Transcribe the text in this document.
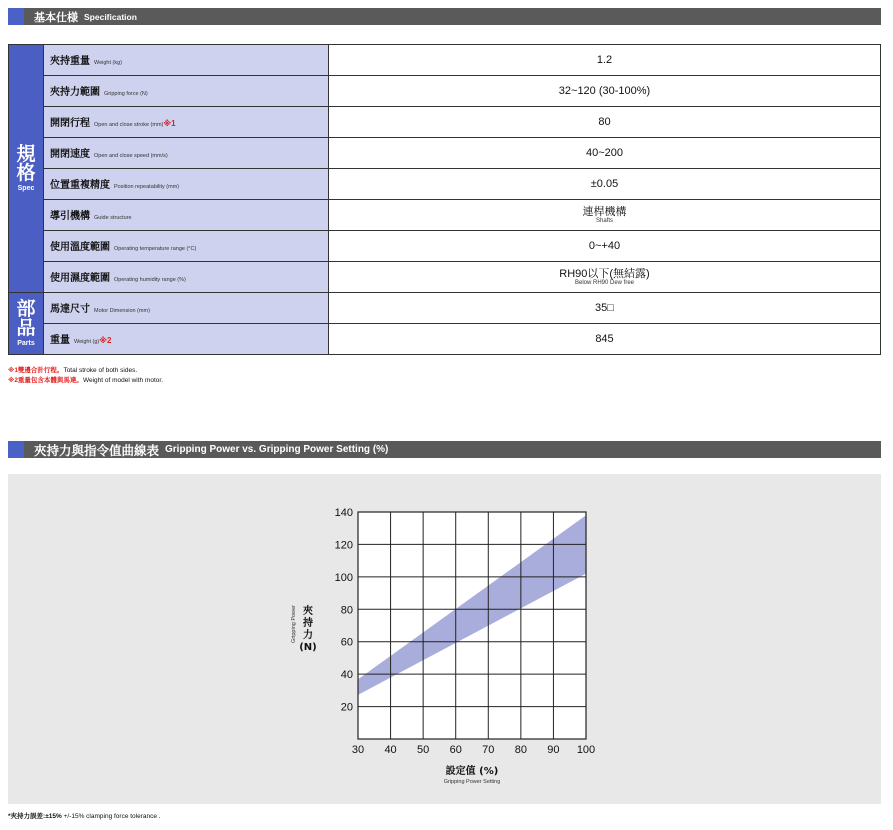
基本仕様 Specification
規
格
Spec	夾持重量 Weight (kg)	1.2

	夾持力範圍 Gripping force (N)	32~120 (30-100%)

	開閉行程 Open and close stroke (mm)※1	80

	開閉速度 Open and close speed (mm/s)	40~200

	位置重複精度 Position repeatability (mm)	±0.05

	導引機構 Guide structure	連桿機構
Shafts

	使用溫度範圍 Operating temperature range (°C)	0~+40

	使用濕度範圍 Operating humidity range (%)	RH90以下(無結露)
Below RH90 Dew free

部
品
Parts	馬達尺寸 Motor Dimension (mm)	35□

	重量 Weight (g)※2	845
※1雙邊合計行程。Total stroke of both sides.
※2重量包含本體與馬達。Weight of model with motor.
夾持力與指令值曲線表 Gripping Power vs. Gripping Power Setting (%)
30 40 50 60 70 80 90 100
20
40
60
80
100
120
140
設定值 (%)
Gripping Power Setting
Gripping Power 夾持力(N)
*夾持力誤差:±15% +/-15% clamping force tolerance .
